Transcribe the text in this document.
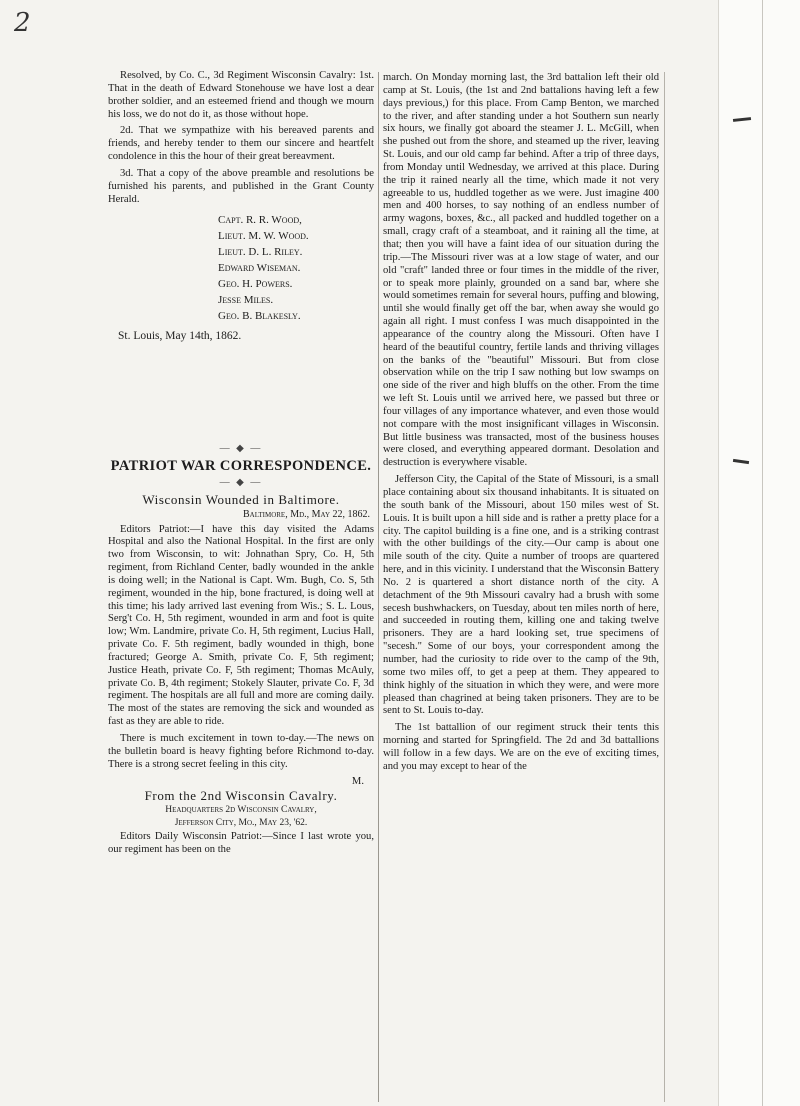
2

Resolved, by Co. C., 3d Regiment Wisconsin Cavalry: 1st. That in the death of Edward Stonehouse we have lost a dear brother soldier, and an esteemed friend and though we mourn his loss, we do not do it, as those without hope.

2d. That we sympathize with his bereaved parents and friends, and hereby tender to them our sincere and heartfelt condolence in this the hour of their great bereavment.

3d. That a copy of the above preamble and resolutions be furnished his parents, and published in the Grant County Herald.

Capt. R. R. Wood,
Lieut. M. W. Wood.
Lieut. D. L. Riley.
Edward Wiseman.
Geo. H. Powers.
Jesse Miles.
Geo. B. Blakesly.
St. Louis, May 14th, 1862.
— ◆ —
PATRIOT WAR CORRESPONDENCE.
— ◆ —
Wisconsin Wounded in Baltimore.
Baltimore, Md., May 22, 1862.

Editors Patriot:—I have this day visited the Adams Hospital and also the National Hospital. In the first are only two from Wisconsin, to wit: Johnathan Spry, Co. H, 5th regiment, from Richland Center, badly wounded in the ankle is doing well; in the National is Capt. Wm. Bugh, Co. S, 5th regiment, wounded in the hip, bone fractured, is doing well at this time; his lady arrived last evening from Wis.; S. L. Lous, Serg't Co. H, 5th regiment, wounded in arm and foot is quite low; Wm. Landmire, private Co. H, 5th regiment, Lucius Hall, private Co. F. 5th regiment, badly wounded in thigh, bone fractured; George A. Smith, private Co. F, 5th regiment; Justice Heath, private Co. F, 5th regiment; Thomas McAuly, private Co. B, 4th regiment; Stokely Slauter, private Co. F, 3d regiment. The hospitals are all full and more are coming daily. The most of the states are removing the sick and wounded as fast as they are able to ride.

There is much excitement in town to-day.—The news on the bulletin board is heavy fighting before Richmond to-day. There is a strong secret feeling in this city.

M.
From the 2nd Wisconsin Cavalry.
Headquarters 2d Wisconsin Cavalry,
Jefferson City, Mo., May 23, '62.

Editors Daily Wisconsin Patriot:—Since I last wrote you, our regiment has been on the

march. On Monday morning last, the 3rd battalion left their old camp at St. Louis, (the 1st and 2nd battalions having left a few days previous,) for this place. From Camp Benton, we marched to the river, and after standing under a hot Southern sun nearly six hours, we finally got aboard the steamer J. L. McGill, when she pushed out from the shore, and steamed up the river, leaving St. Louis, and our old camp far behind. After a trip of three days, from Monday until Wednesday, we arrived at this place. During the trip it rained nearly all the time, which made it not very agreeable to us, huddled together as we were. Just imagine 400 men and 400 horses, to say nothing of an endless number of army wagons, boxes, &c., all packed and huddled together on a small, cragy craft of a steamboat, and it raining all the time, at that; then you will have a faint idea of our situation during the trip.—The Missouri river was at a low stage of water, and our old "craft" landed three or four times in the middle of the river, or to speak more plainly, grounded on a sand bar, where she would sometimes remain for several hours, puffing and blowing, until she would finally get off the bar, when away she would go again all right. I must confess I was much disappointed in the appearance of the country along the Missouri. Often have I heard of the beautiful country, fertile lands and thriving villages on the banks of the "beautiful" Missouri. But from close observation while on the trip I saw nothing but low swamps on one side of the river and high bluffs on the other. From the time we left St. Louis until we arrived here, we passed but three or four villages of any importance whatever, and even those would not compare with the most insignificant villages in Wisconsin. But little business was transacted, most of the business houses were closed, and everything appeared dormant. Desolation and destruction is everywhere visable.

Jefferson City, the Capital of the State of Missouri, is a small place containing about six thousand inhabitants. It is situated on the south bank of the Missouri, about 150 miles west of St. Louis. It is built upon a hill side and is rather a pretty place for a city. The capitol building is a fine one, and is a striking contrast with the other buildings of the city.—Our camp is about one mile south of the city. Quite a number of troops are quartered here, and in this vicinity. I understand that the Wisconsin Battery No. 2 is quartered a short distance north of the city. A detachment of the 9th Missouri cavalry had a brush with some secesh bushwhackers, on Tuesday, about ten miles north of here, and succeeded in routing them, killing one and taking twelve prisoners. They are a hard looking set, true specimens of "secesh." Some of our boys, your correspondent among the number, had the curiosity to ride over to the camp of the 9th, some two miles off, to get a peep at them. They appeared to think highly of the situation in which they were, and were more pleased than chagrined at being taken prisoners. They are to be sent to St. Louis to-day.

The 1st battallion of our regiment struck their tents this morning and started for Springfield. The 2d and 3d battallions will follow in a few days. We are on the eve of exciting times, and you may except to hear of the
